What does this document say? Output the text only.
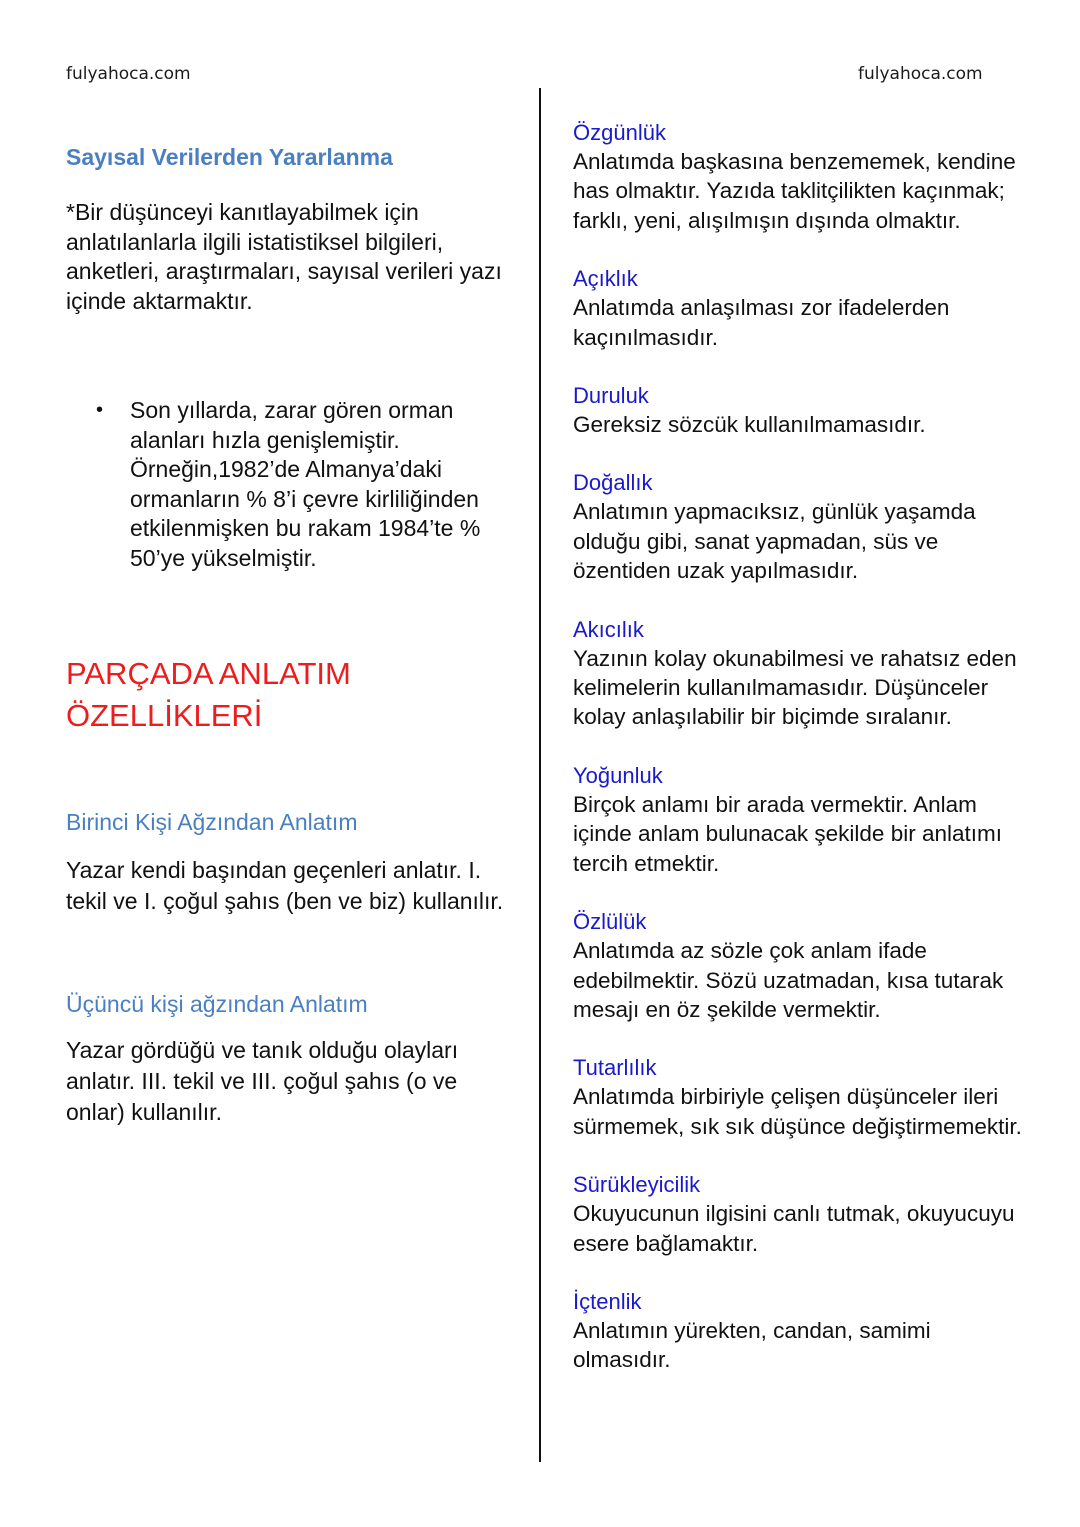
fulyahoca.com	fulyahoca.com
Sayısal Verilerden Yararlanma

*Bir düşünceyi kanıtlayabilmek için anlatılanlarla ilgili istatistiksel bilgileri, anketleri, araştırmaları, sayısal verileri yazı içinde aktarmaktır.

• Son yıllarda, zarar gören orman alanları hızla genişlemiştir. Örneğin,1982’de Almanya’daki ormanların % 8’i çevre kirliliğinden etkilenmişken bu rakam 1984’te % 50’ye yükselmiştir.
PARÇADA ANLATIM
ÖZELLİKLERİ
Birinci Kişi Ağzından Anlatım

Yazar kendi başından geçenleri anlatır. I. tekil ve I. çoğul şahıs (ben ve biz) kullanılır.

Üçüncü kişi ağzından Anlatım

Yazar gördüğü ve tanık olduğu olayları anlatır. III. tekil ve III. çoğul şahıs (o ve onlar) kullanılır.

Özgünlük

Anlatımda başkasına benzememek, kendine has olmaktır. Yazıda taklitçilikten kaçınmak; farklı, yeni, alışılmışın dışında olmaktır.

Açıklık

Anlatımda anlaşılması zor ifadelerden kaçınılmasıdır.

Duruluk

Gereksiz sözcük kullanılmamasıdır.

Doğallık

Anlatımın yapmacıksız, günlük yaşamda olduğu gibi, sanat yapmadan, süs ve özentiden uzak yapılmasıdır.

Akıcılık

Yazının kolay okunabilmesi ve rahatsız eden kelimelerin kullanılmamasıdır. Düşünceler kolay anlaşılabilir bir biçimde sıralanır.

Yoğunluk

Birçok anlamı bir arada vermektir. Anlam içinde anlam bulunacak şekilde bir anlatımı tercih etmektir.

Özlülük

Anlatımda az sözle çok anlam ifade edebilmektir. Sözü uzatmadan, kısa tutarak mesajı en öz şekilde vermektir.

Tutarlılık

Anlatımda birbiriyle çelişen düşünceler ileri sürmemek, sık sık düşünce değiştirmemektir.

Sürükleyicilik

Okuyucunun ilgisini canlı tutmak, okuyucuyu esere bağlamaktır.

İçtenlik

Anlatımın yürekten, candan, samimi olmasıdır.
